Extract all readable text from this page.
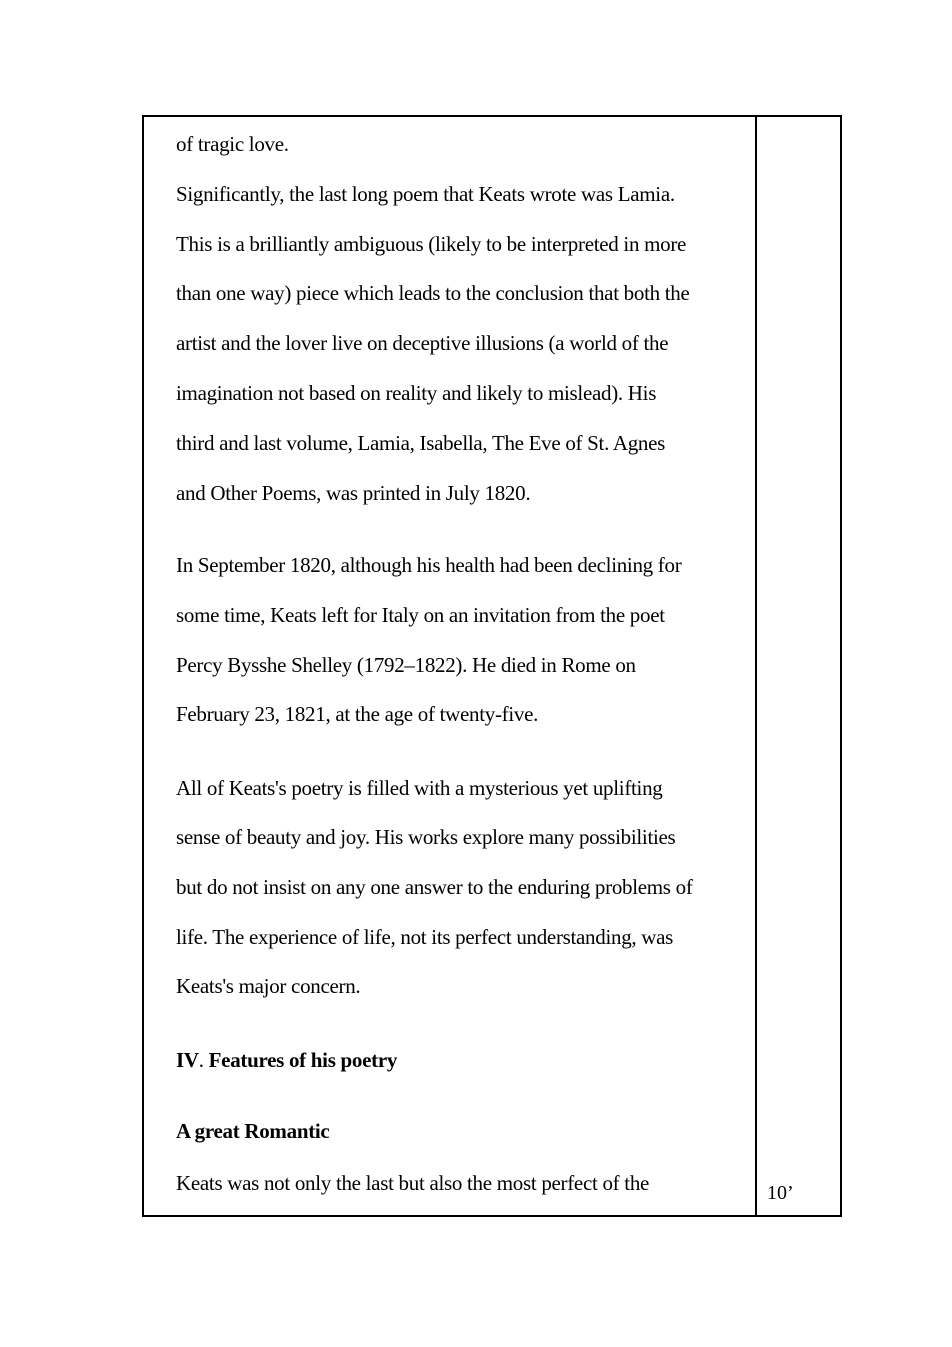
of tragic love.
Significantly, the last long poem that Keats wrote was Lamia.
This is a brilliantly ambiguous (likely to be interpreted in more
than one way) piece which leads to the conclusion that both the
artist and the lover live on deceptive illusions (a world of the
imagination not based on reality and likely to mislead). His
third and last volume, Lamia, Isabella, The Eve of St. Agnes
and Other Poems, was printed in July 1820.
In September 1820, although his health had been declining for
some time, Keats left for Italy on an invitation from the poet
Percy Bysshe Shelley (1792–1822). He died in Rome on
February 23, 1821, at the age of twenty-five.
All of Keats's poetry is filled with a mysterious yet uplifting
sense of beauty and joy. His works explore many possibilities
but do not insist on any one answer to the enduring problems of
life. The experience of life, not its perfect understanding, was
Keats's major concern.
IV. Features of his poetry
A great Romantic
Keats was not only the last but also the most perfect of the	10’
